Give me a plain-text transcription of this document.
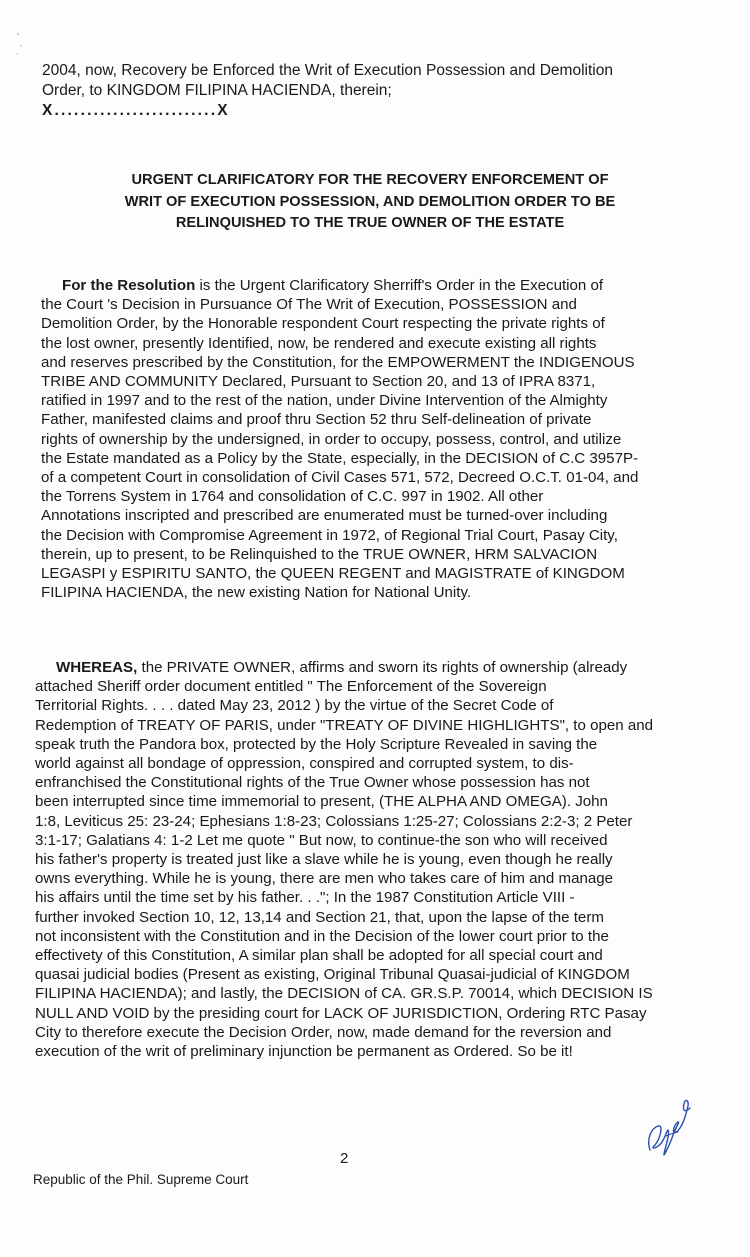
2004, now, Recovery be Enforced the Writ of Execution Possession and Demolition
Order, to KINGDOM FILIPINA HACIENDA, therein;
X.........................X
URGENT CLARIFICATORY FOR THE RECOVERY ENFORCEMENT OF
WRIT OF EXECUTION POSSESSION, AND DEMOLITION ORDER TO BE
RELINQUISHED TO THE TRUE OWNER OF THE ESTATE
For the Resolution is the Urgent Clarificatory Sherriff's Order in the Execution of
the Court 's Decision in Pursuance Of The Writ of Execution, POSSESSION and
Demolition Order, by the Honorable respondent Court respecting the private rights of
the lost owner, presently Identified, now, be rendered and execute existing all rights
and reserves prescribed by the Constitution, for the EMPOWERMENT the INDIGENOUS
TRIBE AND COMMUNITY Declared, Pursuant to Section 20, and 13 of IPRA 8371,
ratified in 1997 and to the rest of the nation, under Divine Intervention of the Almighty
Father, manifested claims and proof thru Section 52 thru Self-delineation of private
rights of ownership by the undersigned, in order to occupy, possess, control, and utilize
the Estate mandated as a Policy by the State, especially, in the DECISION of C.C 3957P-
of a competent Court in consolidation of Civil Cases 571, 572, Decreed O.C.T. 01-04, and
the Torrens System in 1764 and consolidation of C.C. 997 in 1902. All other
Annotations inscripted and prescribed are enumerated must be turned-over including
the Decision with Compromise Agreement in 1972, of Regional Trial Court, Pasay City,
therein, up to present, to be Relinquished to the TRUE OWNER, HRM SALVACION
LEGASPI y ESPIRITU SANTO, the QUEEN REGENT and MAGISTRATE of KINGDOM
FILIPINA HACIENDA, the new existing Nation for National Unity.
WHEREAS, the PRIVATE OWNER, affirms and sworn its rights of ownership (already
attached Sheriff order document entitled " The Enforcement of the Sovereign
Territorial Rights. . . . dated May 23, 2012 ) by the virtue of the Secret Code of
Redemption of TREATY OF PARIS, under "TREATY OF DIVINE HIGHLIGHTS", to open and
speak truth the Pandora box, protected by the Holy Scripture Revealed in saving the
world against all bondage of oppression, conspired and corrupted system, to dis-
enfranchised the Constitutional rights of the True Owner whose possession has not
been interrupted since time immemorial to present, (THE ALPHA AND OMEGA). John
1:8, Leviticus 25: 23-24; Ephesians 1:8-23; Colossians 1:25-27; Colossians 2:2-3; 2 Peter
3:1-17; Galatians 4: 1-2 Let me quote " But now, to continue-the son who will received
his father's property is treated just like a slave while he is young, even though he really
owns everything. While he is young, there are men who takes care of him and manage
his affairs until the time set by his father. . ."; In the 1987 Constitution Article VIII -
further invoked Section 10, 12, 13,14 and Section 21, that, upon the lapse of the term
not inconsistent with the Constitution and in the Decision of the lower court prior to the
effectivety of this Constitution, A similar plan shall be adopted for all special court and
quasai judicial bodies (Present as existing, Original Tribunal Quasai-judicial of KINGDOM
FILIPINA HACIENDA); and lastly, the DECISION of CA. GR.S.P. 70014, which DECISION IS
NULL AND VOID by the presiding court for LACK OF JURISDICTION, Ordering RTC Pasay
City to therefore execute the Decision Order, now, made demand for the reversion and
execution of the writ of preliminary injunction be permanent as Ordered. So be it!
2
Republic of the Phil. Supreme Court
